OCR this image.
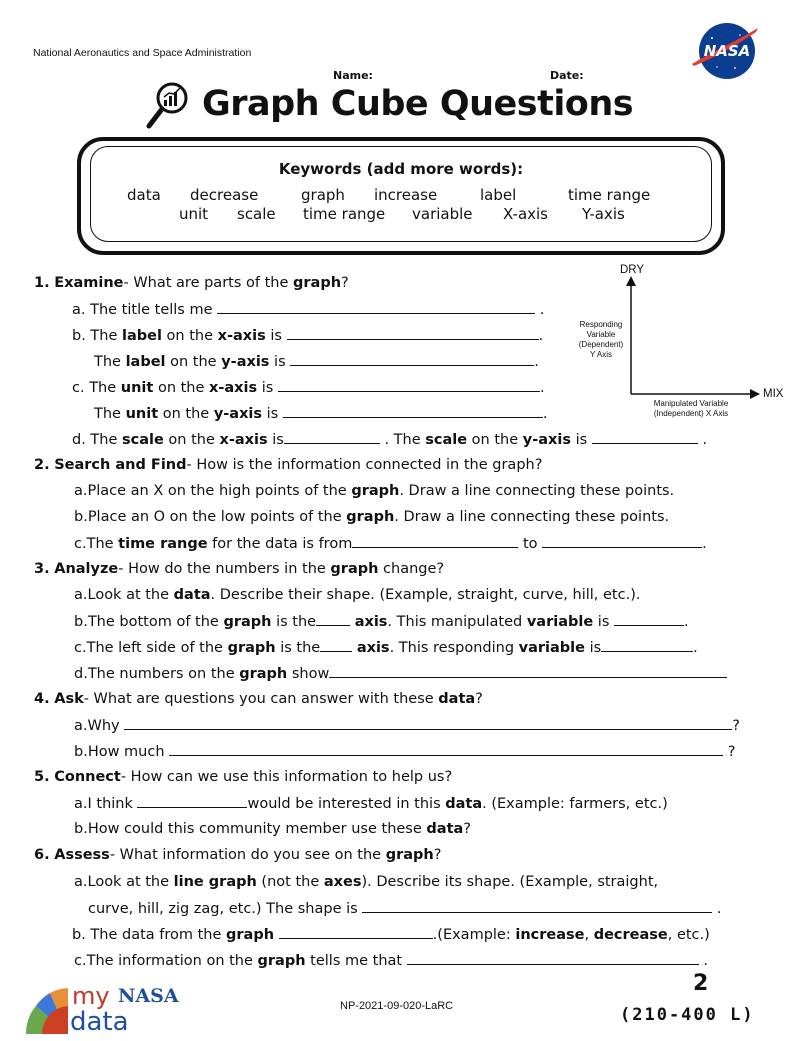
National Aeronautics and Space Administration	NASA
Name:	Date:
Graph Cube Questions
Keywords (add more words):
data decrease	graph increase	label	time range
unit scale time range variable X-axis Y-axis
DRY
MIX
Responding
Variable
(Dependent)
Y Axis
Manipulated Variable
(Independent) X Axis
1. Examine- What are parts of the graph?
a. The title tells me	.
b. The label on the x-axis is	.
The label on the y-axis is	.
c. The unit on the x-axis is	.
The unit on the y-axis is	.
d. The scale on the x-axis is	. The scale on the y-axis is	.
2. Search and Find- How is the information connected in the graph?
a.Place an X on the high points of the graph. Draw a line connecting these points.
b.Place an O on the low points of the graph. Draw a line connecting these points.
c.The time range for the data is from	to	.
3. Analyze- How do the numbers in the graph change?
a.Look at the data. Describe their shape. (Example, straight, curve, hill, etc.).
b.The bottom of the graph is the	axis. This manipulated variable is	.
c.The left side of the graph is the	axis. This responding variable is	.
d.The numbers on the graph show
4. Ask- What are questions you can answer with these data?
a.Why	?
b.How much	?
5. Connect- How can we use this information to help us?
a.I think	would be interested in this data. (Example: farmers, etc.)
b.How could this community member use these data?
6. Assess- What information do you see on the graph?
a.Look at the line graph (not the axes). Describe its shape. (Example, straight,
curve, hill, zig zag, etc.) The shape is	.
b. The data from the graph	.(Example: increase, decrease, etc.)
c.The information on the graph tells me that	.
my NASA
data
NP-2021-09-020-LaRC
2
(210-400 L)
